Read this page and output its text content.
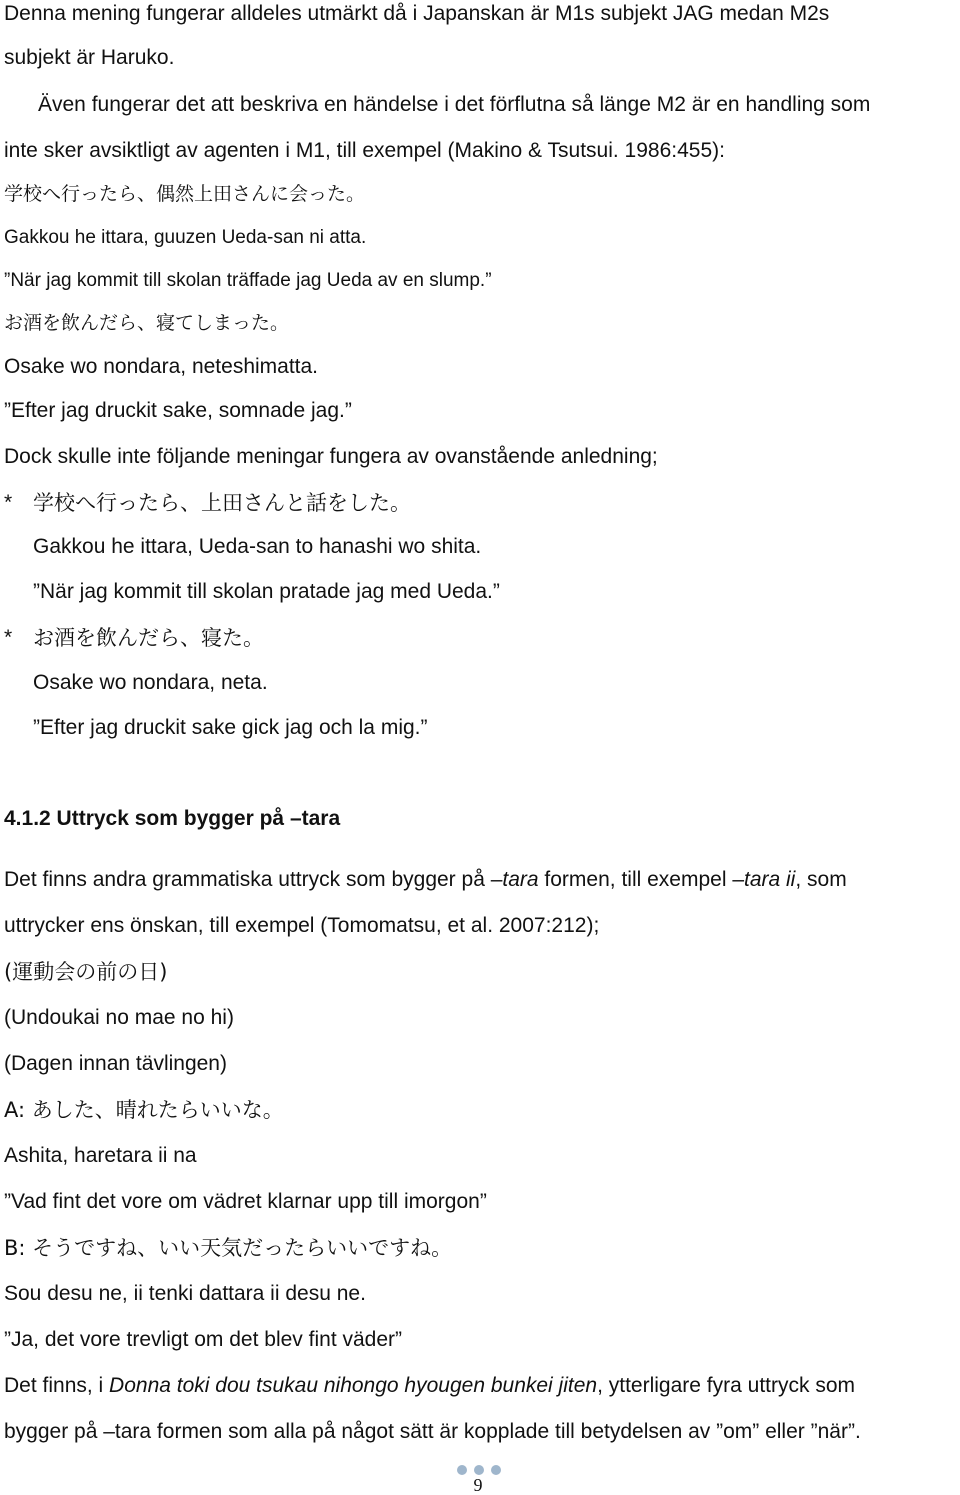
Denna mening fungerar alldeles utmärkt då i Japanskan är M1s subjekt JAG medan M2s
subjekt är Haruko.
Även fungerar det att beskriva en händelse i det förflutna så länge M2 är en handling som
inte sker avsiktligt av agenten i M1, till exempel (Makino & Tsutsui. 1986:455):
学校へ行ったら、偶然上田さんに会った。
Gakkou he ittara, guuzen Ueda-san ni atta.
”När jag kommit till skolan träffade jag Ueda av en slump.”
お酒を飲んだら、寝てしまった。
Osake wo nondara, neteshimatta.
”Efter jag druckit sake, somnade jag.”
Dock skulle inte följande meningar fungera av ovanstående anledning;
* 学校へ行ったら、上田さんと話をした。
Gakkou he ittara, Ueda-san to hanashi wo shita.
”När jag kommit till skolan pratade jag med Ueda.”
* お酒を飲んだら、寝た。
Osake wo nondara, neta.
”Efter jag druckit sake gick jag och la mig.”
4.1.2 Uttryck som bygger på –tara
Det finns andra grammatiska uttryck som bygger på –tara formen, till exempel –tara ii, som
uttrycker ens önskan, till exempel (Tomomatsu, et al. 2007:212);
(運動会の前の日)
(Undoukai no mae no hi)
(Dagen innan tävlingen)
A: あした、晴れたらいいな。
Ashita, haretara ii na
”Vad fint det vore om vädret klarnar upp till imorgon”
B: そうですね、いい天気だったらいいですね。
Sou desu ne, ii tenki dattara ii desu ne.
”Ja, det vore trevligt om det blev fint väder”
Det finns, i Donna toki dou tsukau nihongo hyougen bunkei jiten, ytterligare fyra uttryck som
bygger på –tara formen som alla på något sätt är kopplade till betydelsen av ”om” eller ”när”.
9
